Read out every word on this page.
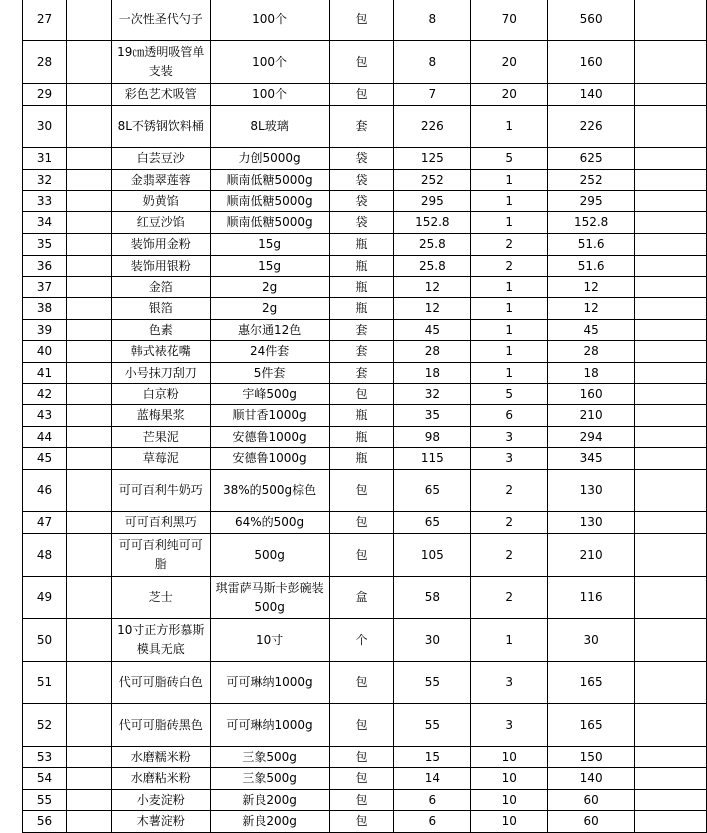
27		一次性圣代勺子	100个	包	8	70	560	
28		19㎝透明吸管单支装	100个	包	8	20	160	
29		彩色艺术吸管	100个	包	7	20	140	
30		8L不锈钢饮料桶	8L玻璃	套	226	1	226	
31		白芸豆沙	力创5000g	袋	125	5	625	
32		金翡翠莲蓉	顺南低糖5000g	袋	252	1	252	
33		奶黄馅	顺南低糖5000g	袋	295	1	295	
34		红豆沙馅	顺南低糖5000g	袋	152.8	1	152.8	
35		装饰用金粉	15g	瓶	25.8	2	51.6	
36		装饰用银粉	15g	瓶	25.8	2	51.6	
37		金箔	2g	瓶	12	1	12	
38		银箔	2g	瓶	12	1	12	
39		色素	惠尔通12色	套	45	1	45	
40		韩式裱花嘴	24件套	套	28	1	28	
41		小号抹刀刮刀	5件套	套	18	1	18	
42		白京粉	宇峰500g	包	32	5	160	
43		蓝梅果浆	顺甘香1000g	瓶	35	6	210	
44		芒果泥	安德鲁1000g	瓶	98	3	294	
45		草莓泥	安德鲁1000g	瓶	115	3	345	
46		可可百利牛奶巧	38%的500g棕色	包	65	2	130	
47		可可百利黑巧	64%的500g	包	65	2	130	
48		可可百利纯可可脂	500g	包	105	2	210	
49		芝士	琪雷萨马斯卡彭碗装500g	盒	58	2	116	
50		10寸正方形慕斯模具无底	10寸	个	30	1	30	
51		代可可脂砖白色	可可琳纳1000g	包	55	3	165	
52		代可可脂砖黑色	可可琳纳1000g	包	55	3	165	
53		水磨糯米粉	三象500g	包	15	10	150	
54		水磨粘米粉	三象500g	包	14	10	140	
55		小麦淀粉	新良200g	包	6	10	60	
56		木薯淀粉	新良200g	包	6	10	60	
